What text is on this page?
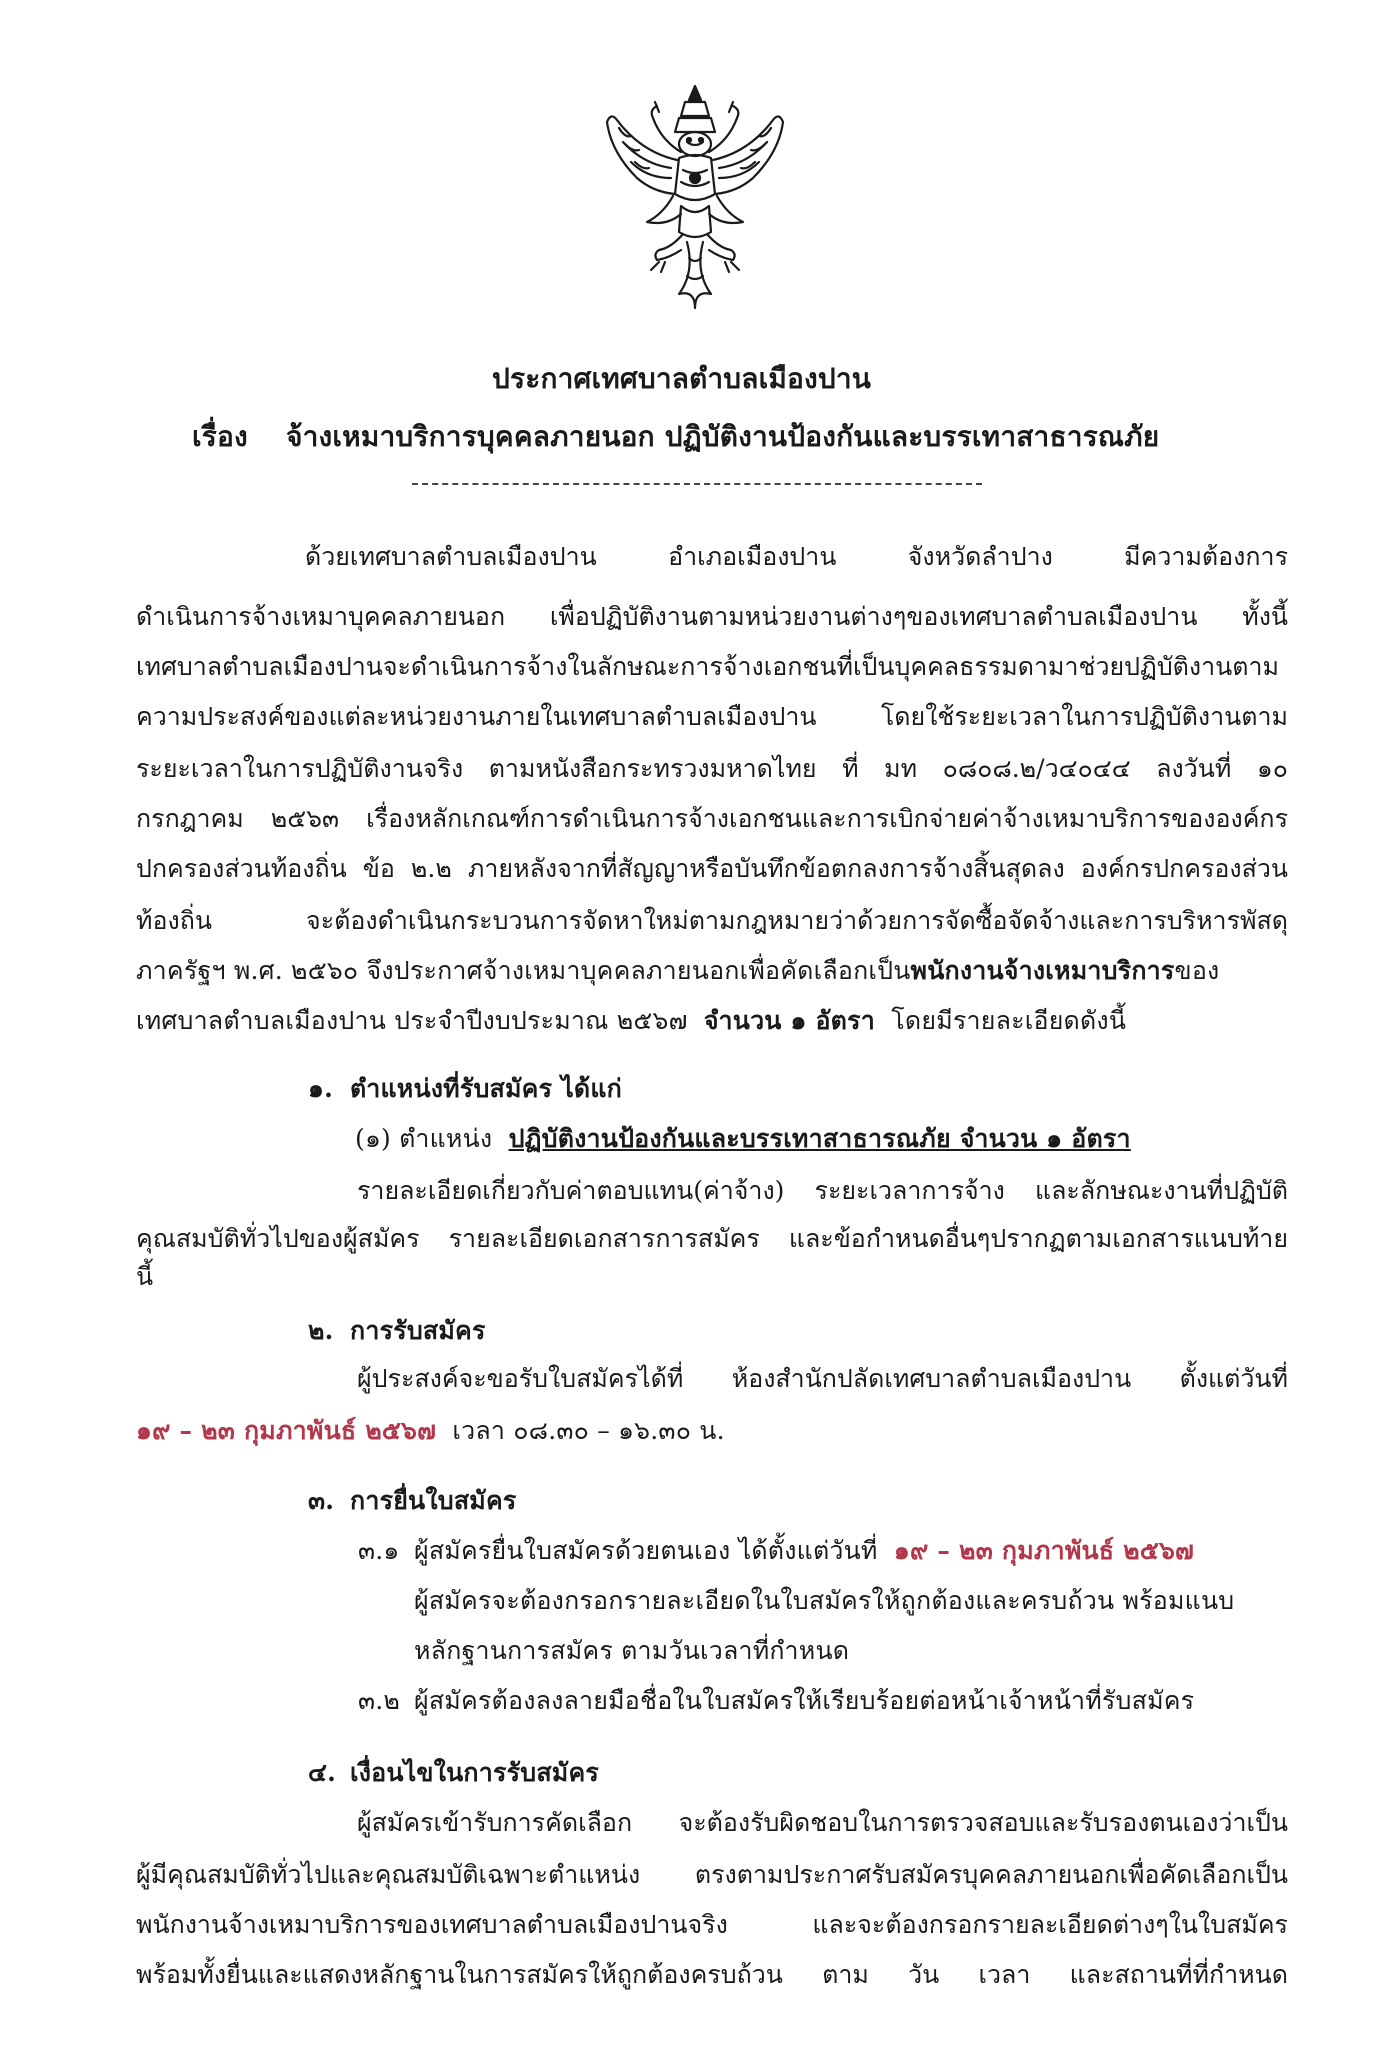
ประกาศเทศบาลตำบลเมืองปาน
เรื่อง จ้างเหมาบริการบุคคลภายนอก ปฏิบัติงานป้องกันและบรรเทาสาธารณภัย
ด้วยเทศบาลตำบลเมืองปาน อำเภอเมืองปาน จังหวัดลำปาง มีความต้องการ
ดำเนินการจ้างเหมาบุคคลภายนอก เพื่อปฏิบัติงานตามหน่วยงานต่างๆของเทศบาลตำบลเมืองปาน ทั้งนี้
เทศบาลตำบลเมืองปานจะดำเนินการจ้างในลักษณะการจ้างเอกชนที่เป็นบุคคลธรรมดามาช่วยปฏิบัติงานตาม
ความประสงค์ของแต่ละหน่วยงานภายในเทศบาลตำบลเมืองปาน โดยใช้ระยะเวลาในการปฏิบัติงานตาม
ระยะเวลาในการปฏิบัติงานจริง ตามหนังสือกระทรวงมหาดไทย ที่ มท ๐๘๐๘.๒/ว๔๐๔๔ ลงวันที่ ๑๐
กรกฎาคม ๒๕๖๓ เรื่องหลักเกณฑ์การดำเนินการจ้างเอกชนและการเบิกจ่ายค่าจ้างเหมาบริการขององค์กร
ปกครองส่วนท้องถิ่น ข้อ ๒.๒ ภายหลังจากที่สัญญาหรือบันทึกข้อตกลงการจ้างสิ้นสุดลง องค์กรปกครองส่วน
ท้องถิ่น จะต้องดำเนินกระบวนการจัดหาใหม่ตามกฎหมายว่าด้วยการจัดซื้อจัดจ้างและการบริหารพัสดุ
ภาครัฐฯ พ.ศ. ๒๕๖๐ จึงประกาศจ้างเหมาบุคคลภายนอกเพื่อคัดเลือกเป็นพนักงานจ้างเหมาบริการของ
เทศบาลตำบลเมืองปาน ประจำปีงบประมาณ ๒๕๖๗ จำนวน ๑ อัตรา โดยมีรายละเอียดดังนี้
๑. ตำแหน่งที่รับสมัคร ได้แก่
(๑) ตำแหน่ง ปฏิบัติงานป้องกันและบรรเทาสาธารณภัย จำนวน ๑ อัตรา
รายละเอียดเกี่ยวกับค่าตอบแทน(ค่าจ้าง) ระยะเวลาการจ้าง และลักษณะงานที่ปฏิบัติ
คุณสมบัติทั่วไปของผู้สมัคร รายละเอียดเอกสารการสมัคร และข้อกำหนดอื่นๆปรากฏตามเอกสารแนบท้าย
นี้
๒. การรับสมัคร
ผู้ประสงค์จะขอรับใบสมัครได้ที่ ห้องสำนักปลัดเทศบาลตำบลเมืองปาน ตั้งแต่วันที่
๑๙ – ๒๓ กุมภาพันธ์ ๒๕๖๗ เวลา ๐๘.๓๐ – ๑๖.๓๐ น.
๓. การยื่นใบสมัคร
๓.๑ ผู้สมัครยื่นใบสมัครด้วยตนเอง ได้ตั้งแต่วันที่ ๑๙ – ๒๓ กุมภาพันธ์ ๒๕๖๗
ผู้สมัครจะต้องกรอกรายละเอียดในใบสมัครให้ถูกต้องและครบถ้วน พร้อมแนบ
หลักฐานการสมัคร ตามวันเวลาที่กำหนด
๓.๒ ผู้สมัครต้องลงลายมือชื่อในใบสมัครให้เรียบร้อยต่อหน้าเจ้าหน้าที่รับสมัคร
๔. เงื่อนไขในการรับสมัคร
ผู้สมัครเข้ารับการคัดเลือก จะต้องรับผิดชอบในการตรวจสอบและรับรองตนเองว่าเป็น
ผู้มีคุณสมบัติทั่วไปและคุณสมบัติเฉพาะตำแหน่ง ตรงตามประกาศรับสมัครบุคคลภายนอกเพื่อคัดเลือกเป็น
พนักงานจ้างเหมาบริการของเทศบาลตำบลเมืองปานจริง และจะต้องกรอกรายละเอียดต่างๆในใบสมัคร
พร้อมทั้งยื่นและแสดงหลักฐานในการสมัครให้ถูกต้องครบถ้วน ตาม วัน เวลา และสถานที่ที่กำหนด
